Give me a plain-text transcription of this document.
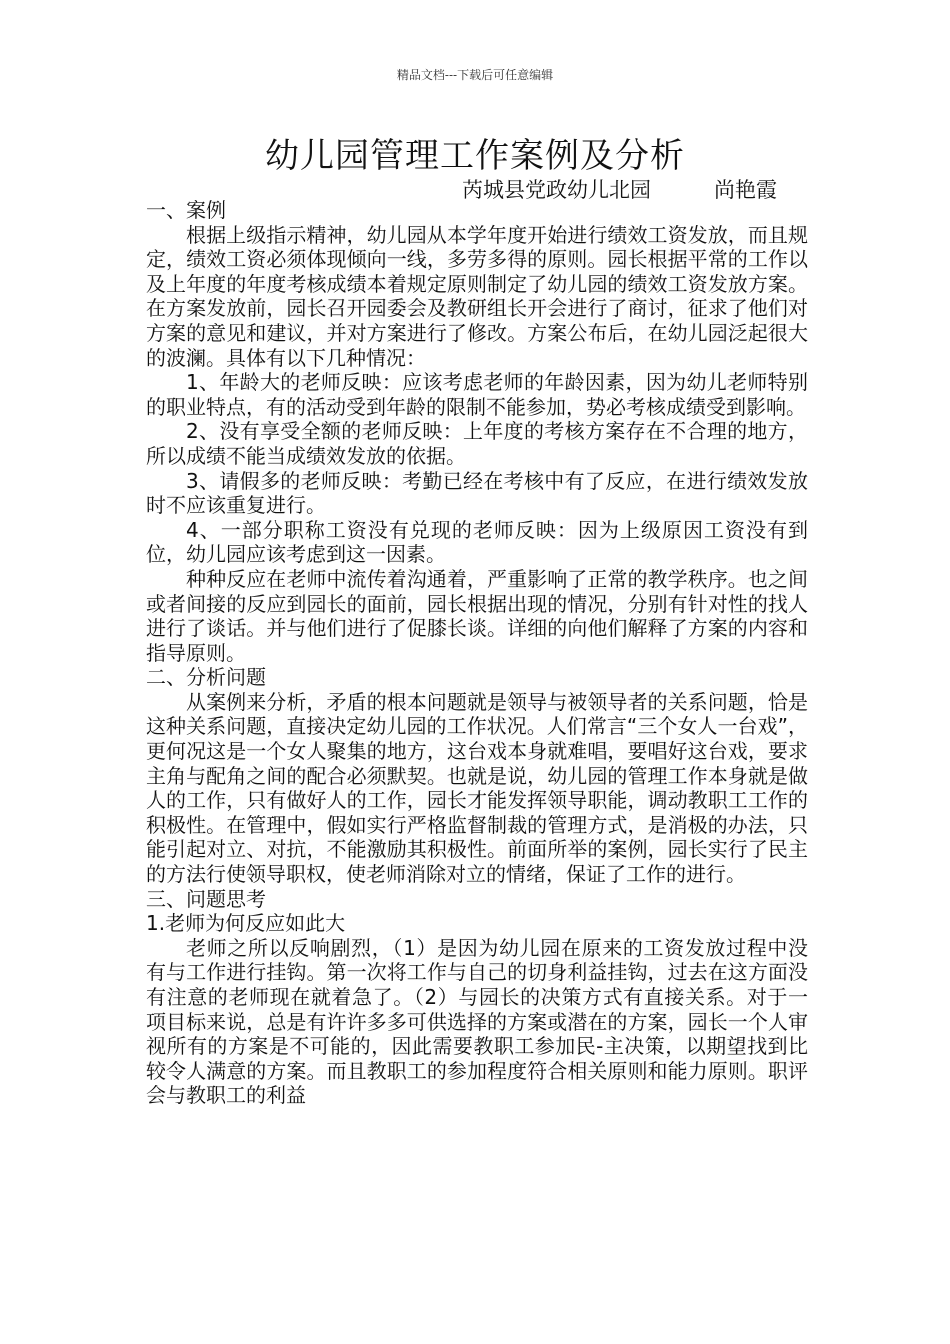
精品文档---下载后可任意编辑
幼儿园管理工作案例及分析
芮城县党政幼儿北园　　　尚艳霞

一、案例

根据上级指示精神，幼儿园从本学年度开始进行绩效工资发放，而且规定，绩效工资必须体现倾向一线，多劳多得的原则。园长根据平常的工作以及上年度的年度考核成绩本着规定原则制定了幼儿园的绩效工资发放方案。在方案发放前，园长召开园委会及教研组长开会进行了商讨，征求了他们对方案的意见和建议，并对方案进行了修改。方案公布后，在幼儿园泛起很大的波澜。具体有以下几种情况：

1、年龄大的老师反映：应该考虑老师的年龄因素，因为幼儿老师特别的职业特点，有的活动受到年龄的限制不能参加，势必考核成绩受到影响。

2、没有享受全额的老师反映：上年度的考核方案存在不合理的地方，所以成绩不能当成绩效发放的依据。

3、请假多的老师反映：考勤已经在考核中有了反应，在进行绩效发放时不应该重复进行。

4、一部分职称工资没有兑现的老师反映：因为上级原因工资没有到位，幼儿园应该考虑到这一因素。

种种反应在老师中流传着沟通着，严重影响了正常的教学秩序。也之间或者间接的反应到园长的面前，园长根据出现的情况，分别有针对性的找人进行了谈话。并与他们进行了促膝长谈。详细的向他们解释了方案的内容和指导原则。

二、分析问题

从案例来分析，矛盾的根本问题就是领导与被领导者的关系问题，恰是这种关系问题，直接决定幼儿园的工作状况。人们常言“三个女人一台戏”，更何况这是一个女人聚集的地方，这台戏本身就难唱，要唱好这台戏，要求主角与配角之间的配合必须默契。也就是说，幼儿园的管理工作本身就是做人的工作，只有做好人的工作，园长才能发挥领导职能，调动教职工工作的积极性。在管理中，假如实行严格监督制裁的管理方式，是消极的办法，只能引起对立、对抗，不能激励其积极性。前面所举的案例，园长实行了民主的方法行使领导职权，使老师消除对立的情绪，保证了工作的进行。

三、问题思考

1.老师为何反应如此大

老师之所以反响剧烈，（1）是因为幼儿园在原来的工资发放过程中没有与工作进行挂钩。第一次将工作与自己的切身利益挂钩，过去在这方面没有注意的老师现在就着急了。（2）与园长的决策方式有直接关系。对于一项目标来说，总是有许许多多可供选择的方案或潜在的方案，园长一个人审视所有的方案是不可能的，因此需要教职工参加民-主决策，以期望找到比较令人满意的方案。而且教职工的参加程度符合相关原则和能力原则。职评会与教职工的利益
